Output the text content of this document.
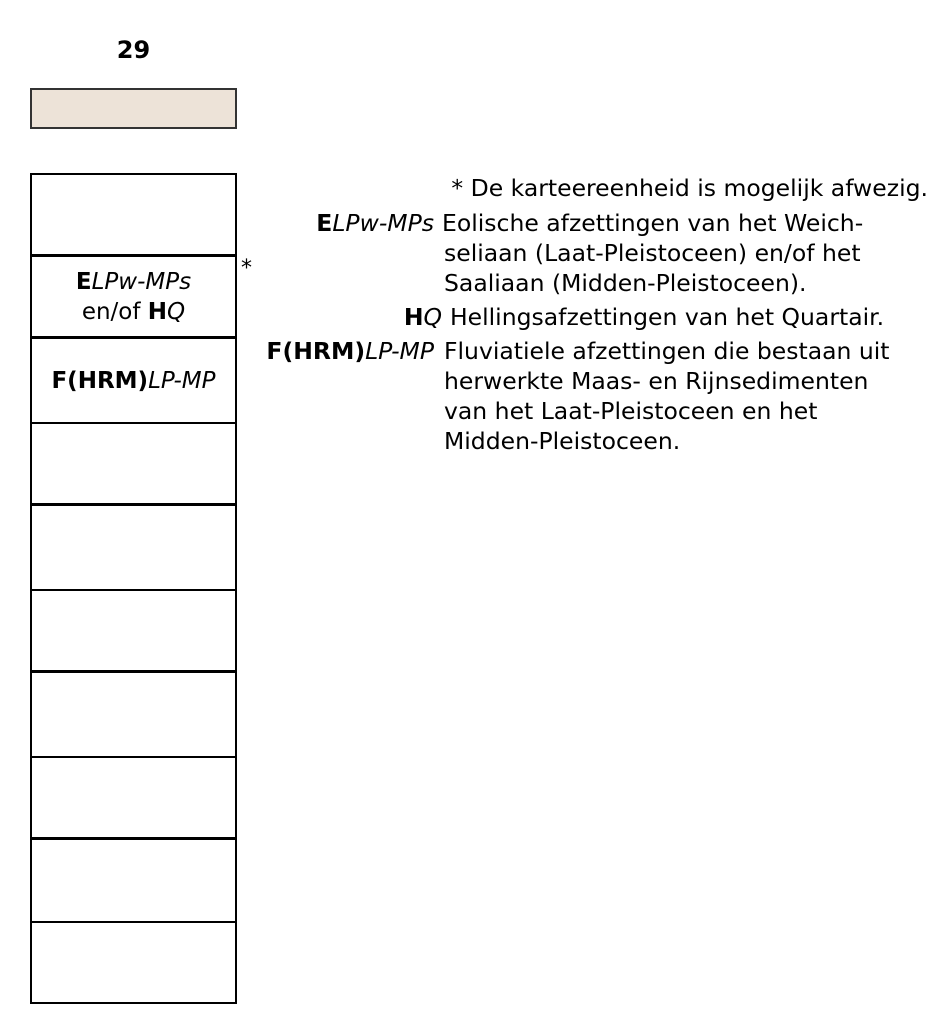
29
ELPw-MPs
en/of HQ
F(HRM)LP-MP
*
* De karteereenheid is mogelijk afwezig.
ELPw-MPs Eolische afzettingen van het Weich-
seliaan (Laat-Pleistoceen) en/of het
Saaliaan (Midden-Pleistoceen).
HQ Hellingsafzettingen van het Quartair.
F(HRM)LP-MP Fluviatiele afzettingen die bestaan uit
herwerkte Maas- en Rijnsedimenten
van het Laat-Pleistoceen en het
Midden-Pleistoceen.
